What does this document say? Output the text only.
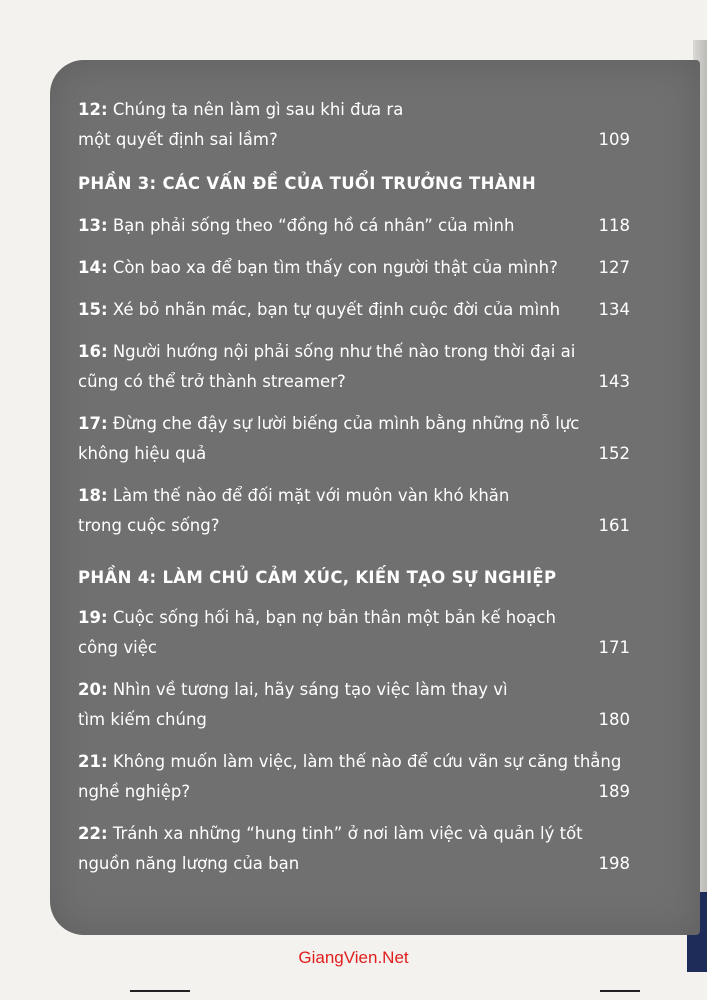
12: Chúng ta nên làm gì sau khi đưa ra
một quyết định sai lầm?	109
PHẦN 3: CÁC VẤN ĐỀ CỦA TUỔI TRƯỞNG THÀNH
13: Bạn phải sống theo “đồng hồ cá nhân” của mình	118
14: Còn bao xa để bạn tìm thấy con người thật của mình?	127
15: Xé bỏ nhãn mác, bạn tự quyết định cuộc đời của mình	134
16: Người hướng nội phải sống như thế nào trong thời đại ai
cũng có thể trở thành streamer?	143
17: Đừng che đậy sự lười biếng của mình bằng những nỗ lực
không hiệu quả	152
18: Làm thế nào để đối mặt với muôn vàn khó khăn
trong cuộc sống?	161
PHẦN 4: LÀM CHỦ CẢM XÚC, KIẾN TẠO SỰ NGHIỆP
19: Cuộc sống hối hả, bạn nợ bản thân một bản kế hoạch
công việc	171
20: Nhìn về tương lai, hãy sáng tạo việc làm thay vì
tìm kiếm chúng	180
21: Không muốn làm việc, làm thế nào để cứu vãn sự căng thẳng
nghề nghiệp?	189
22: Tránh xa những “hung tinh” ở nơi làm việc và quản lý tốt
nguồn năng lượng của bạn	198
GiangVien.Net
